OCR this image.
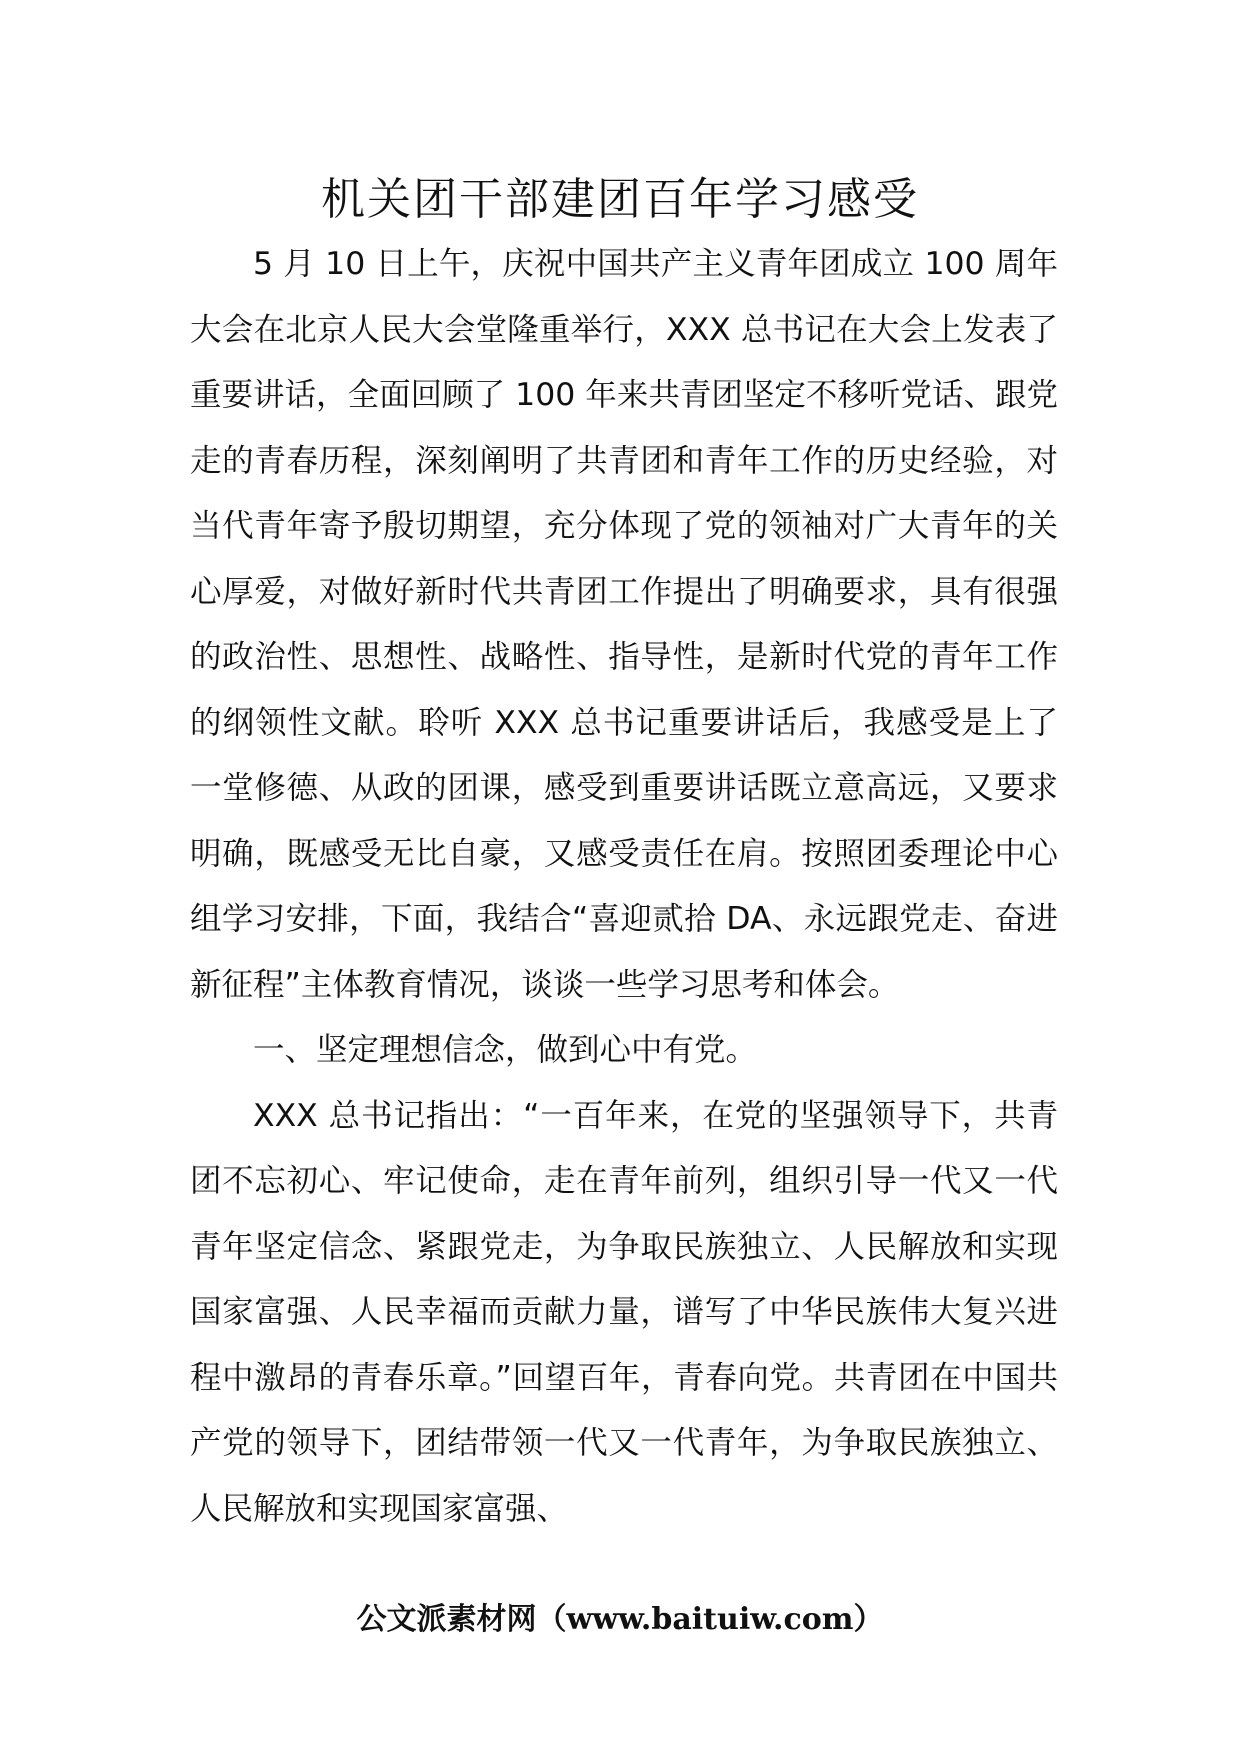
机关团干部建团百年学习感受

5 月 10 日上午，庆祝中国共产主义青年团成立 100 周年大会在北京人民大会堂隆重举行，XXX 总书记在大会上发表了重要讲话，全面回顾了 100 年来共青团坚定不移听党话、跟党走的青春历程，深刻阐明了共青团和青年工作的历史经验，对当代青年寄予殷切期望，充分体现了党的领袖对广大青年的关心厚爱，对做好新时代共青团工作提出了明确要求，具有很强的政治性、思想性、战略性、指导性，是新时代党的青年工作的纲领性文献。聆听 XXX 总书记重要讲话后，我感受是上了一堂修德、从政的团课，感受到重要讲话既立意高远，又要求明确，既感受无比自豪，又感受责任在肩。按照团委理论中心组学习安排，下面，我结合“喜迎贰拾 DA、永远跟党走、奋进新征程”主体教育情况，谈谈一些学习思考和体会。

一、坚定理想信念，做到心中有党。

XXX 总书记指出：“一百年来，在党的坚强领导下，共青团不忘初心、牢记使命，走在青年前列，组织引导一代又一代青年坚定信念、紧跟党走，为争取民族独立、人民解放和实现国家富强、人民幸福而贡献力量，谱写了中华民族伟大复兴进程中激昂的青春乐章。”回望百年，青春向党。共青团在中国共产党的领导下，团结带领一代又一代青年，为争取民族独立、人民解放和实现国家富强、

公文派素材网（www.baituiw.com）
